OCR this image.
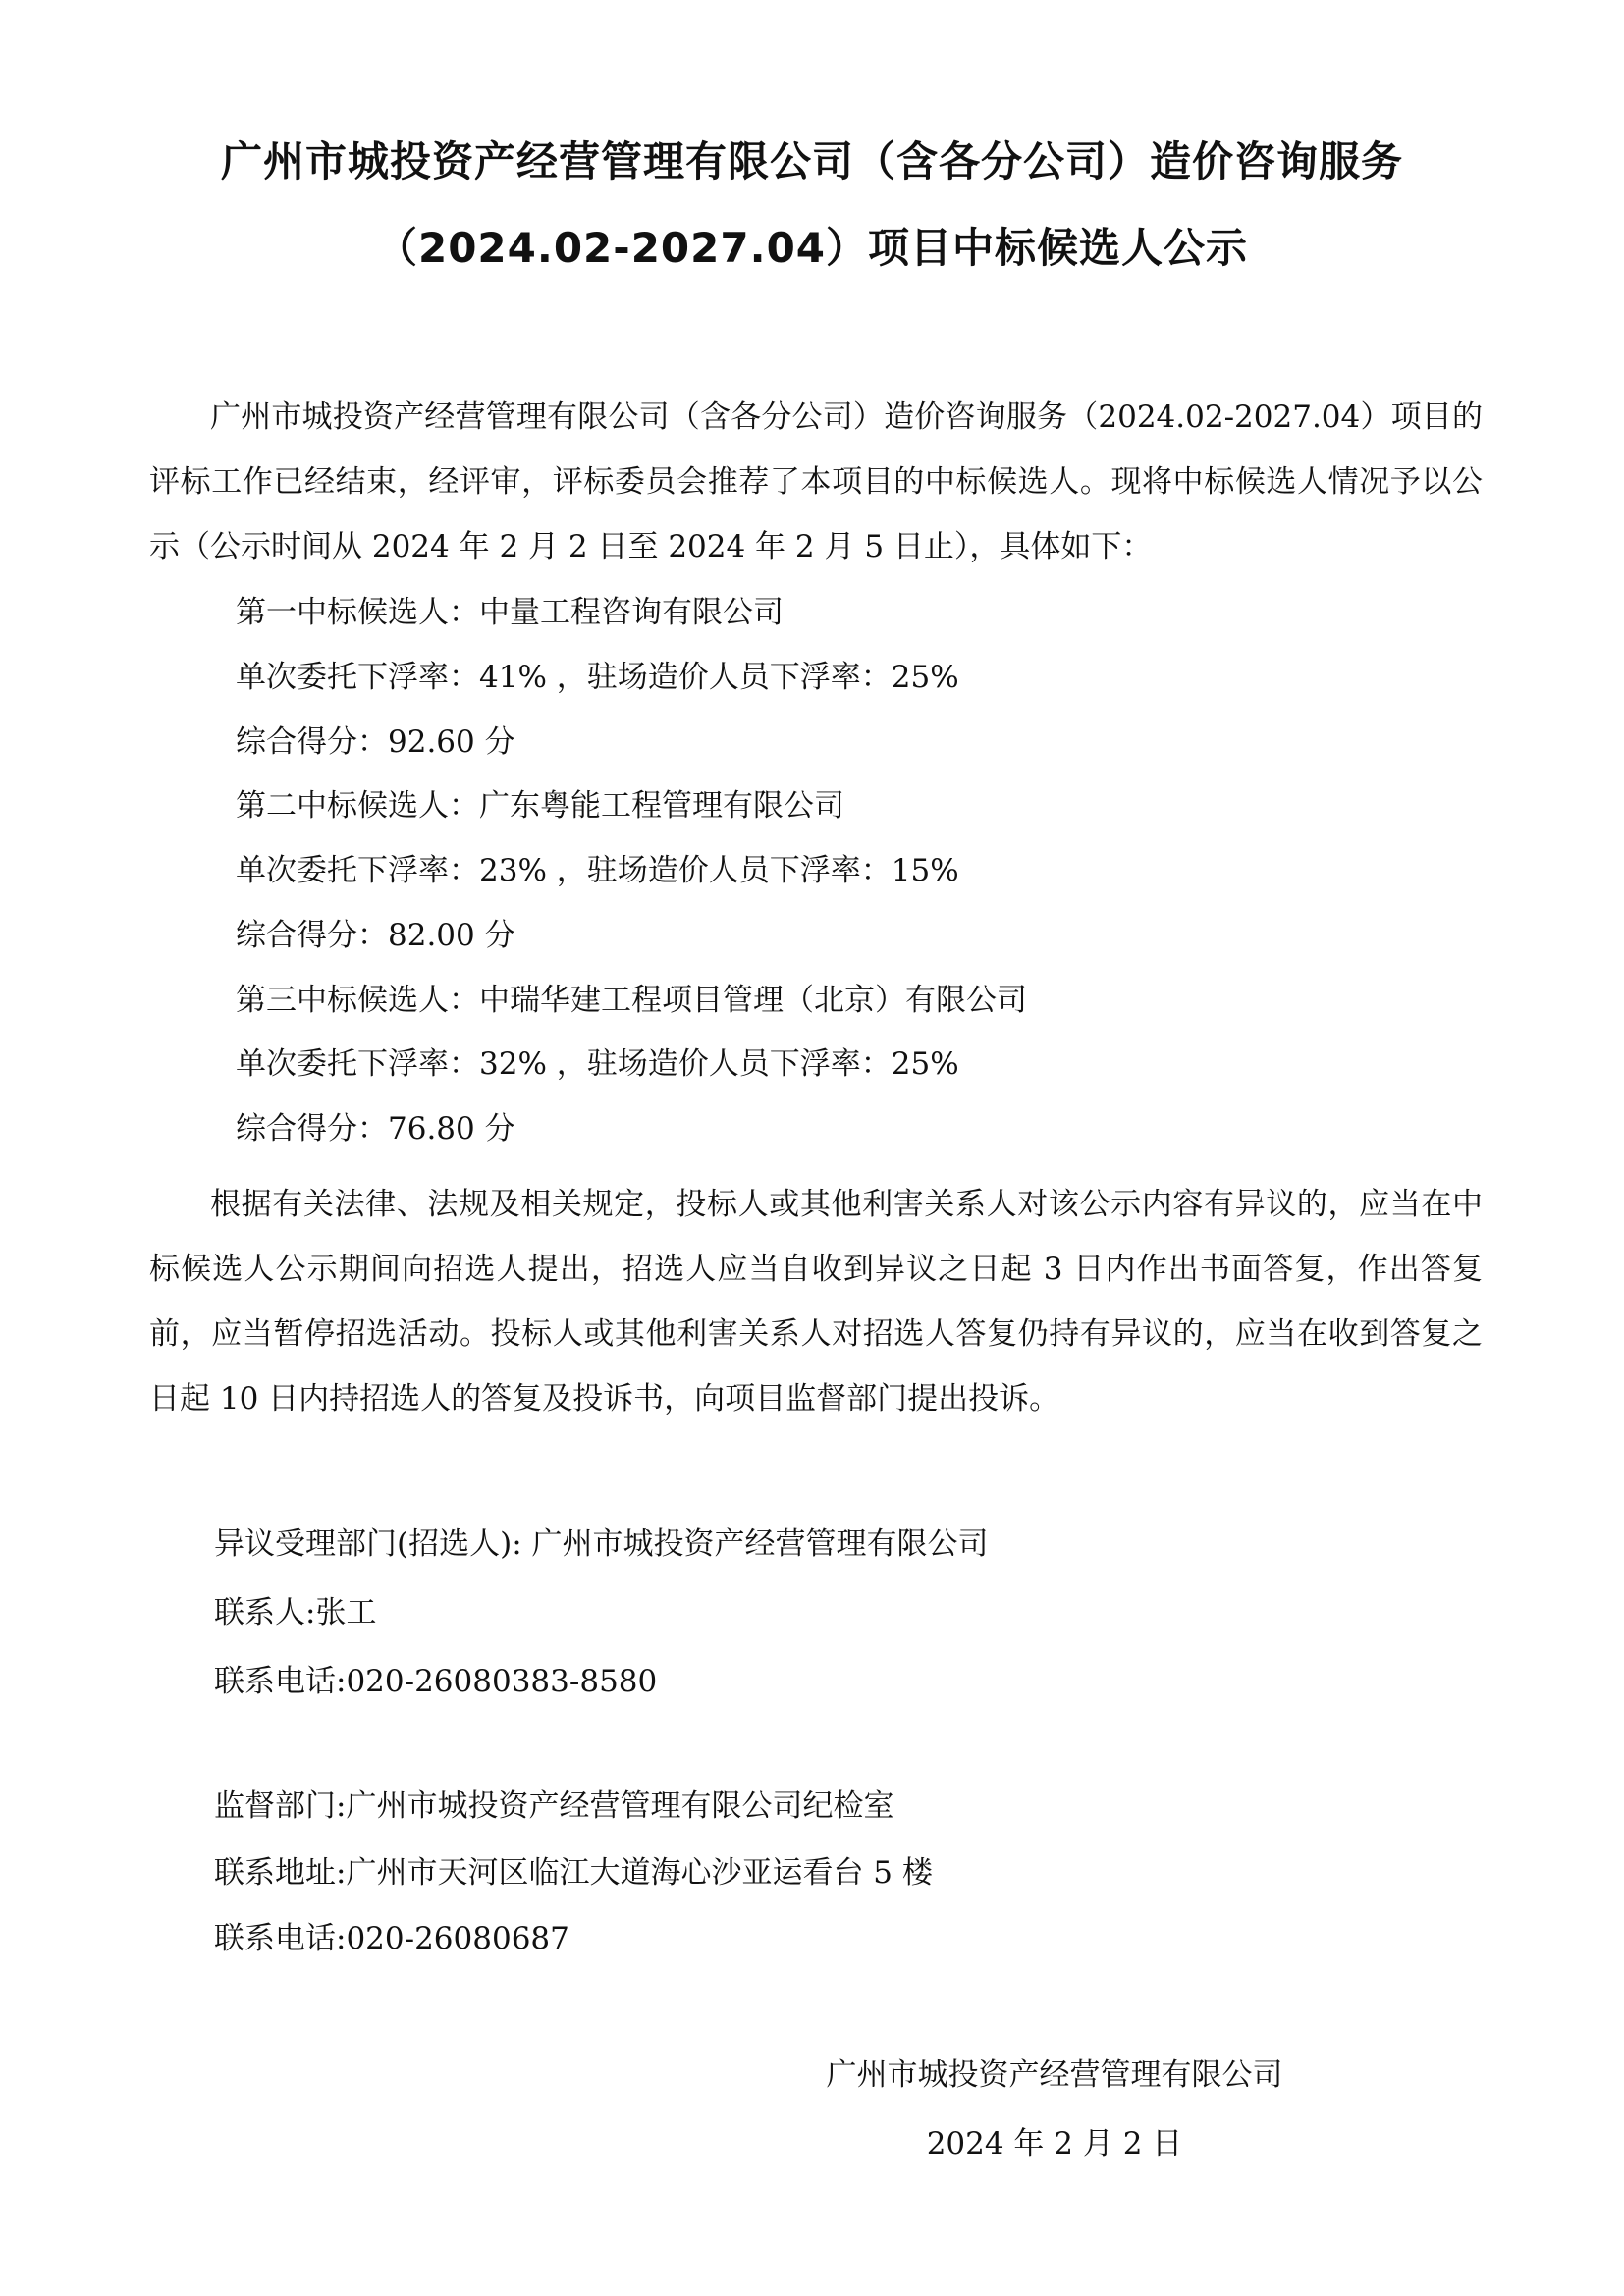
广州市城投资产经营管理有限公司（含各分公司）造价咨询服务
（2024.02-2027.04）项目中标候选人公示

广州市城投资产经营管理有限公司（含各分公司）造价咨询服务（2024.02-2027.04）项目的评标工作已经结束，经评审，评标委员会推荐了本项目的中标候选人。现将中标候选人情况予以公示（公示时间从 2024 年 2 月 2 日至 2024 年 2 月 5 日止），具体如下：

第一中标候选人：中量工程咨询有限公司

单次委托下浮率：41% ，驻场造价人员下浮率：25%

综合得分：92.60 分

第二中标候选人：广东粤能工程管理有限公司

单次委托下浮率：23% ，驻场造价人员下浮率：15%

综合得分：82.00 分

第三中标候选人：中瑞华建工程项目管理（北京）有限公司

单次委托下浮率：32% ，驻场造价人员下浮率：25%

综合得分：76.80 分

根据有关法律、法规及相关规定，投标人或其他利害关系人对该公示内容有异议的，应当在中标候选人公示期间向招选人提出，招选人应当自收到异议之日起 3 日内作出书面答复，作出答复前，应当暂停招选活动。投标人或其他利害关系人对招选人答复仍持有异议的，应当在收到答复之日起 10 日内持招选人的答复及投诉书，向项目监督部门提出投诉。

异议受理部门(招选人): 广州市城投资产经营管理有限公司

联系人:张工

联系电话:020-26080383-8580

监督部门:广州市城投资产经营管理有限公司纪检室

联系地址:广州市天河区临江大道海心沙亚运看台 5 楼

联系电话:020-26080687

广州市城投资产经营管理有限公司

2024 年 2 月 2 日
